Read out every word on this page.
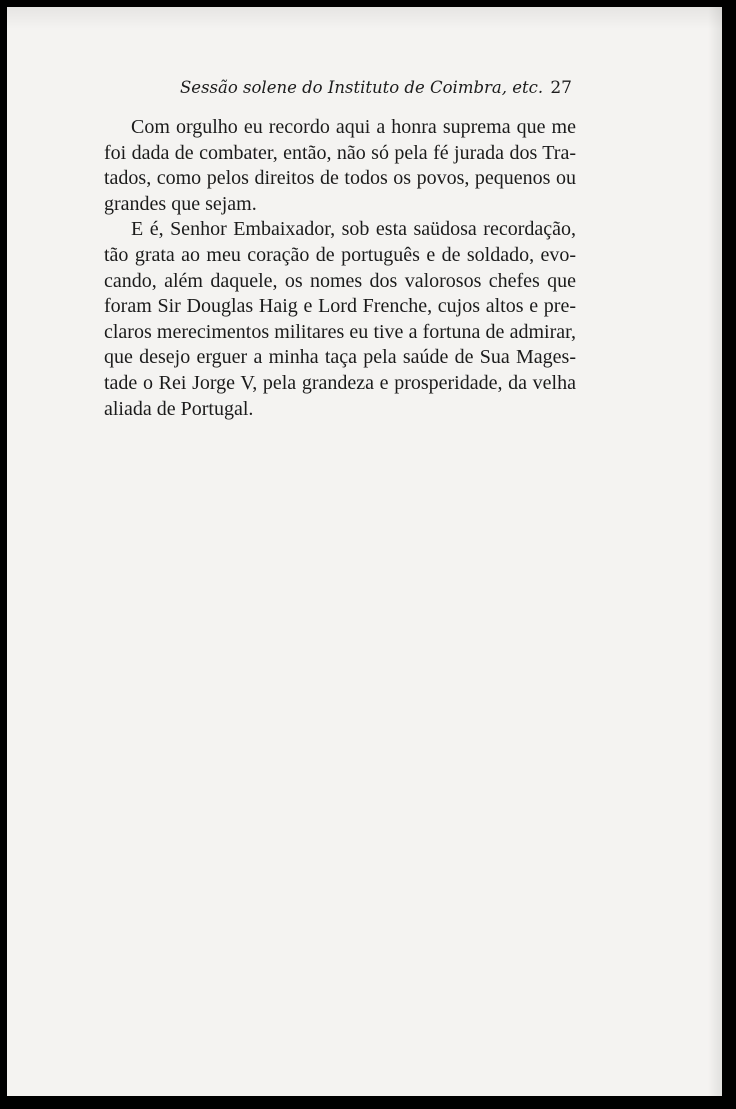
Sessão solene do Instituto de Coimbra, etc. 27

Com orgulho eu recordo aqui a honra suprema que me
foi dada de combater, então, não só pela fé jurada dos Tra-
tados, como pelos direitos de todos os povos, pequenos ou
grandes que sejam.

E é, Senhor Embaixador, sob esta saüdosa recordação,
tão grata ao meu coração de português e de soldado, evo-
cando, além daquele, os nomes dos valorosos chefes que
foram Sir Douglas Haig e Lord Frenche, cujos altos e pre-
claros merecimentos militares eu tive a fortuna de admirar,
que desejo erguer a minha taça pela saúde de Sua Mages-
tade o Rei Jorge V, pela grandeza e prosperidade, da velha
aliada de Portugal.
